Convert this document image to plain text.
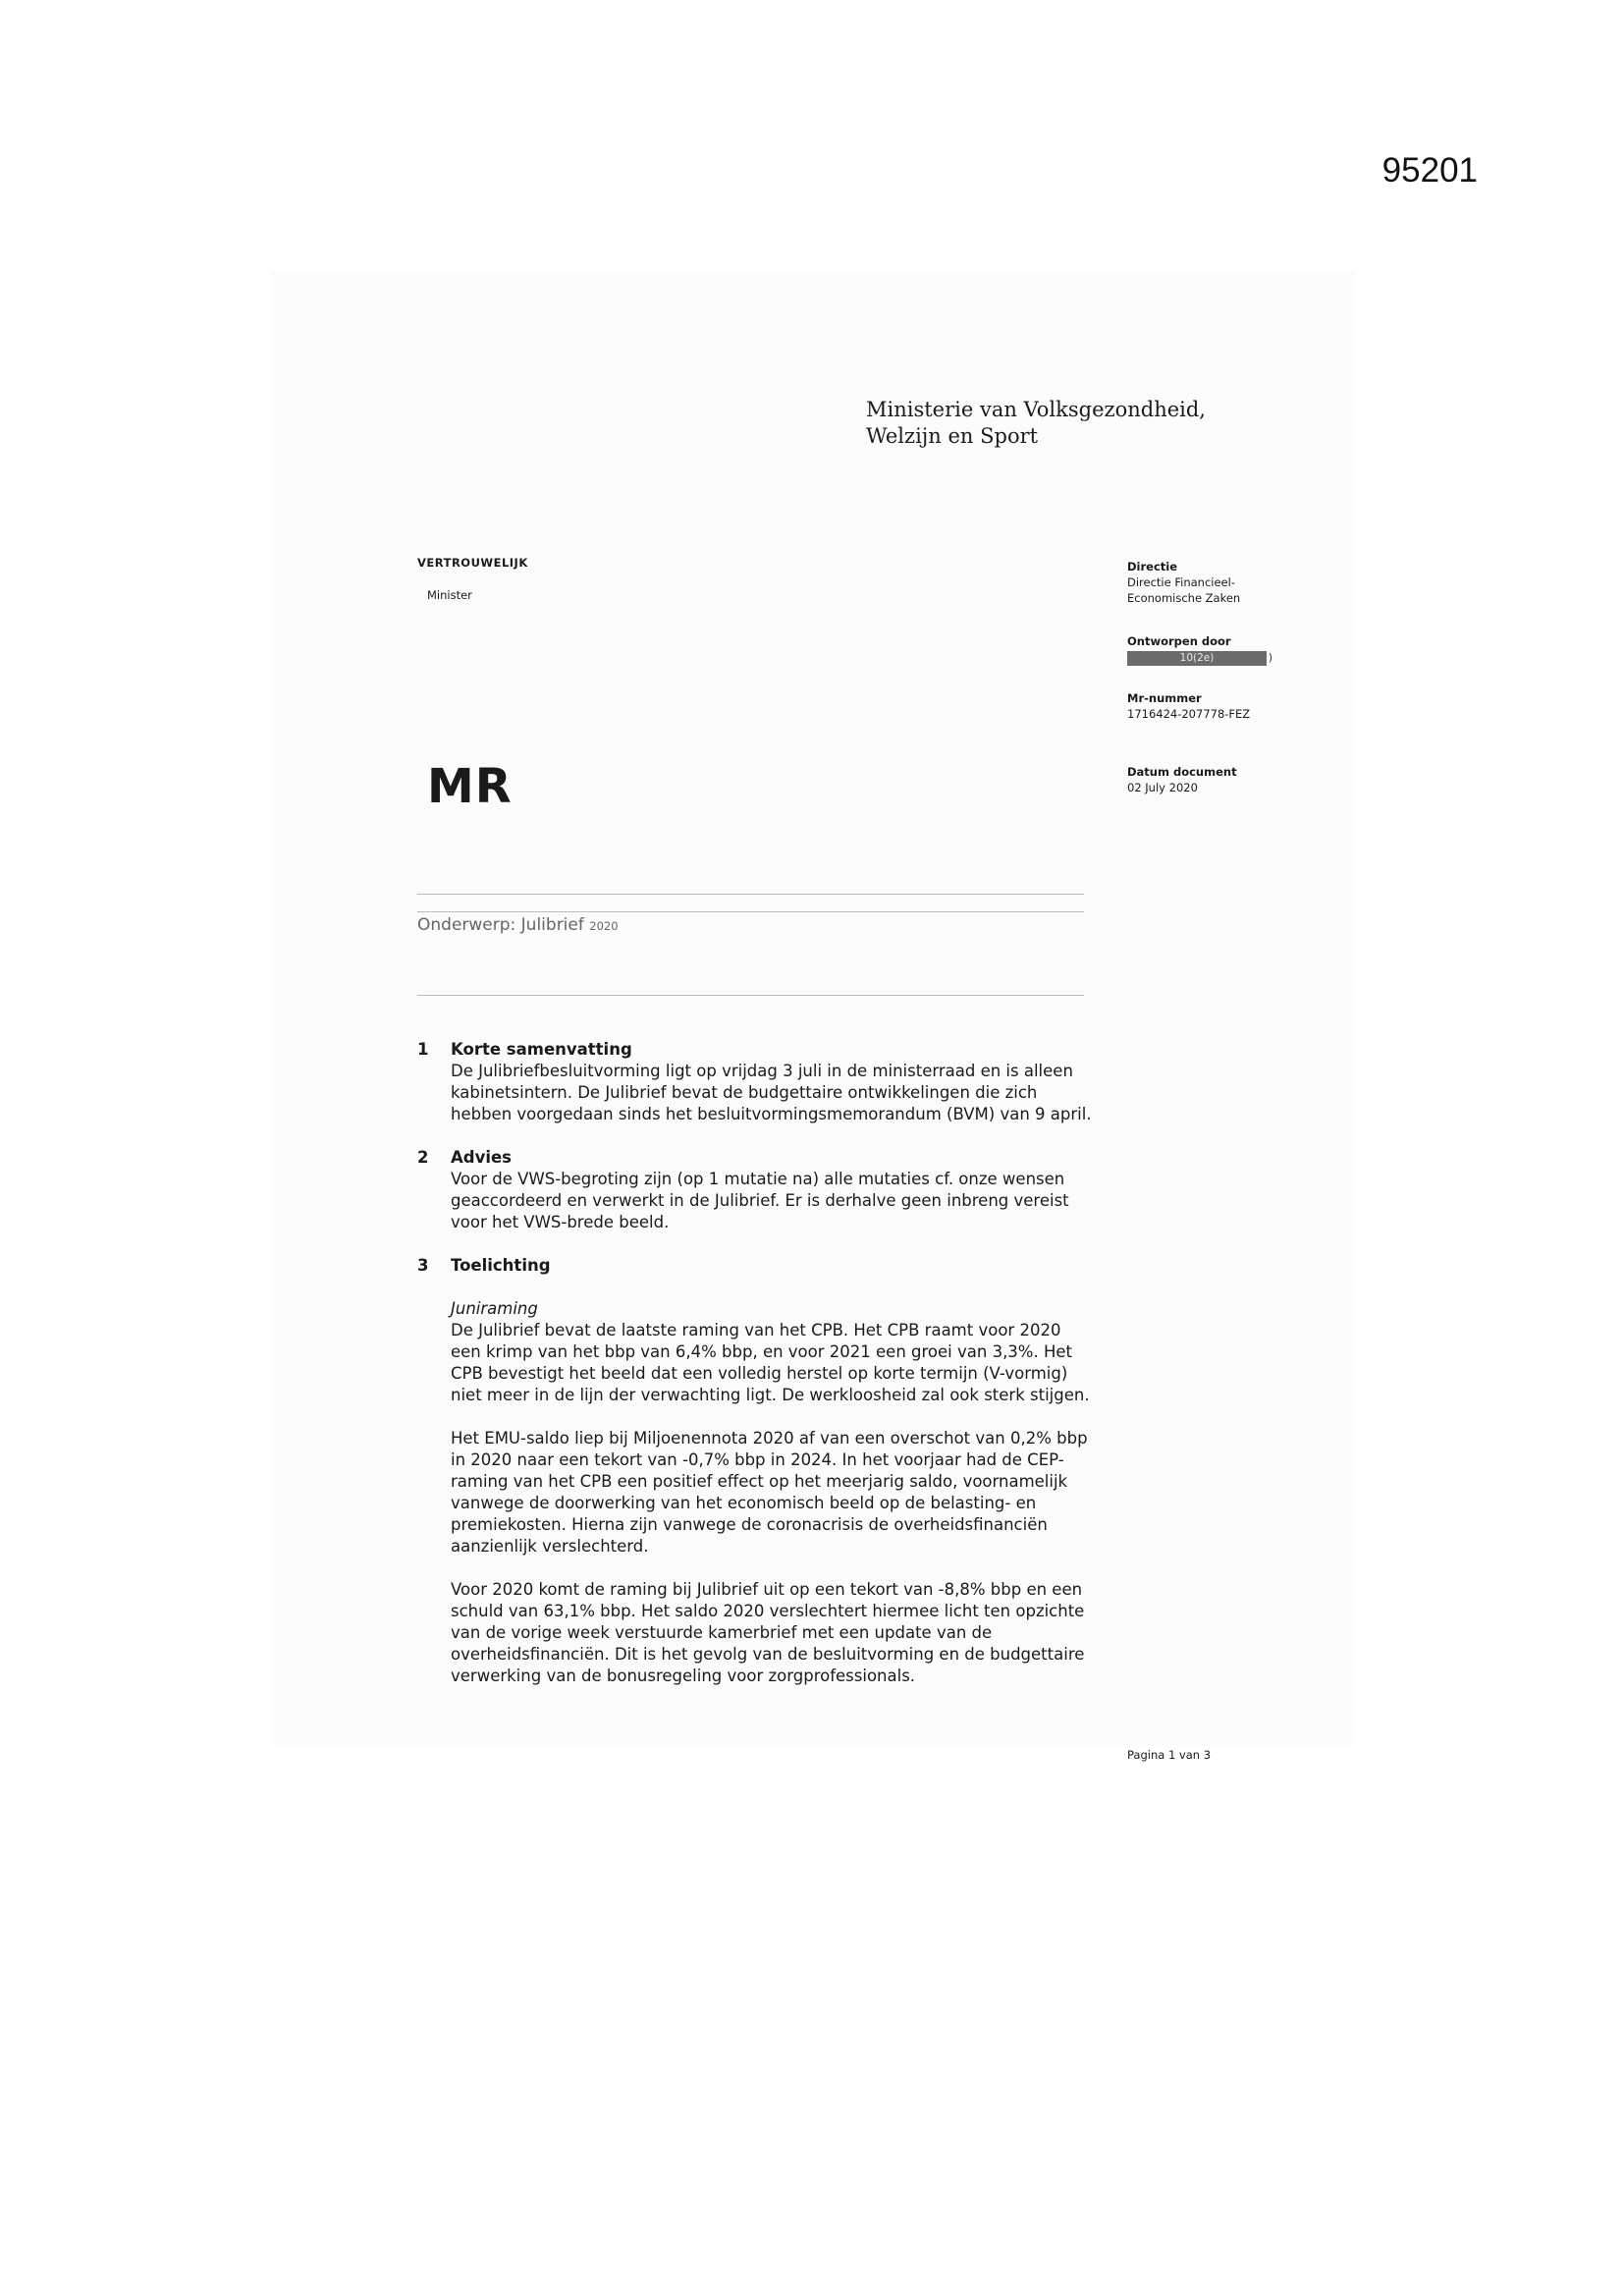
95201
Ministerie van Volksgezondheid,
Welzijn en Sport
VERTROUWELIJK
Minister
MR
Directie
Directie Financieel-
Economische Zaken
Ontworpen door
10(2e)	)
Mr-nummer
1716424-207778-FEZ
Datum document
02 July 2020
Onderwerp: Julibrief 2020
1 Korte samenvatting

De Julibriefbesluitvorming ligt op vrijdag 3 juli in de ministerraad en is alleen

kabinetsintern. De Julibrief bevat de budgettaire ontwikkelingen die zich

hebben voorgedaan sinds het besluitvormingsmemorandum (BVM) van 9 april.

2 Advies

Voor de VWS-begroting zijn (op 1 mutatie na) alle mutaties cf. onze wensen

geaccordeerd en verwerkt in de Julibrief. Er is derhalve geen inbreng vereist

voor het VWS-brede beeld.

3 Toelichting
Juniraming

De Julibrief bevat de laatste raming van het CPB. Het CPB raamt voor 2020

een krimp van het bbp van 6,4% bbp, en voor 2021 een groei van 3,3%. Het

CPB bevestigt het beeld dat een volledig herstel op korte termijn (V-vormig)

niet meer in de lijn der verwachting ligt. De werkloosheid zal ook sterk stijgen.

Het EMU-saldo liep bij Miljoenennota 2020 af van een overschot van 0,2% bbp

in 2020 naar een tekort van -0,7% bbp in 2024. In het voorjaar had de CEP-

raming van het CPB een positief effect op het meerjarig saldo, voornamelijk

vanwege de doorwerking van het economisch beeld op de belasting- en

premiekosten. Hierna zijn vanwege de coronacrisis de overheidsfinanciën

aanzienlijk verslechterd.

Voor 2020 komt de raming bij Julibrief uit op een tekort van -8,8% bbp en een

schuld van 63,1% bbp. Het saldo 2020 verslechtert hiermee licht ten opzichte

van de vorige week verstuurde kamerbrief met een update van de

overheidsfinanciën. Dit is het gevolg van de besluitvorming en de budgettaire

verwerking van de bonusregeling voor zorgprofessionals.

Pagina 1 van 3
